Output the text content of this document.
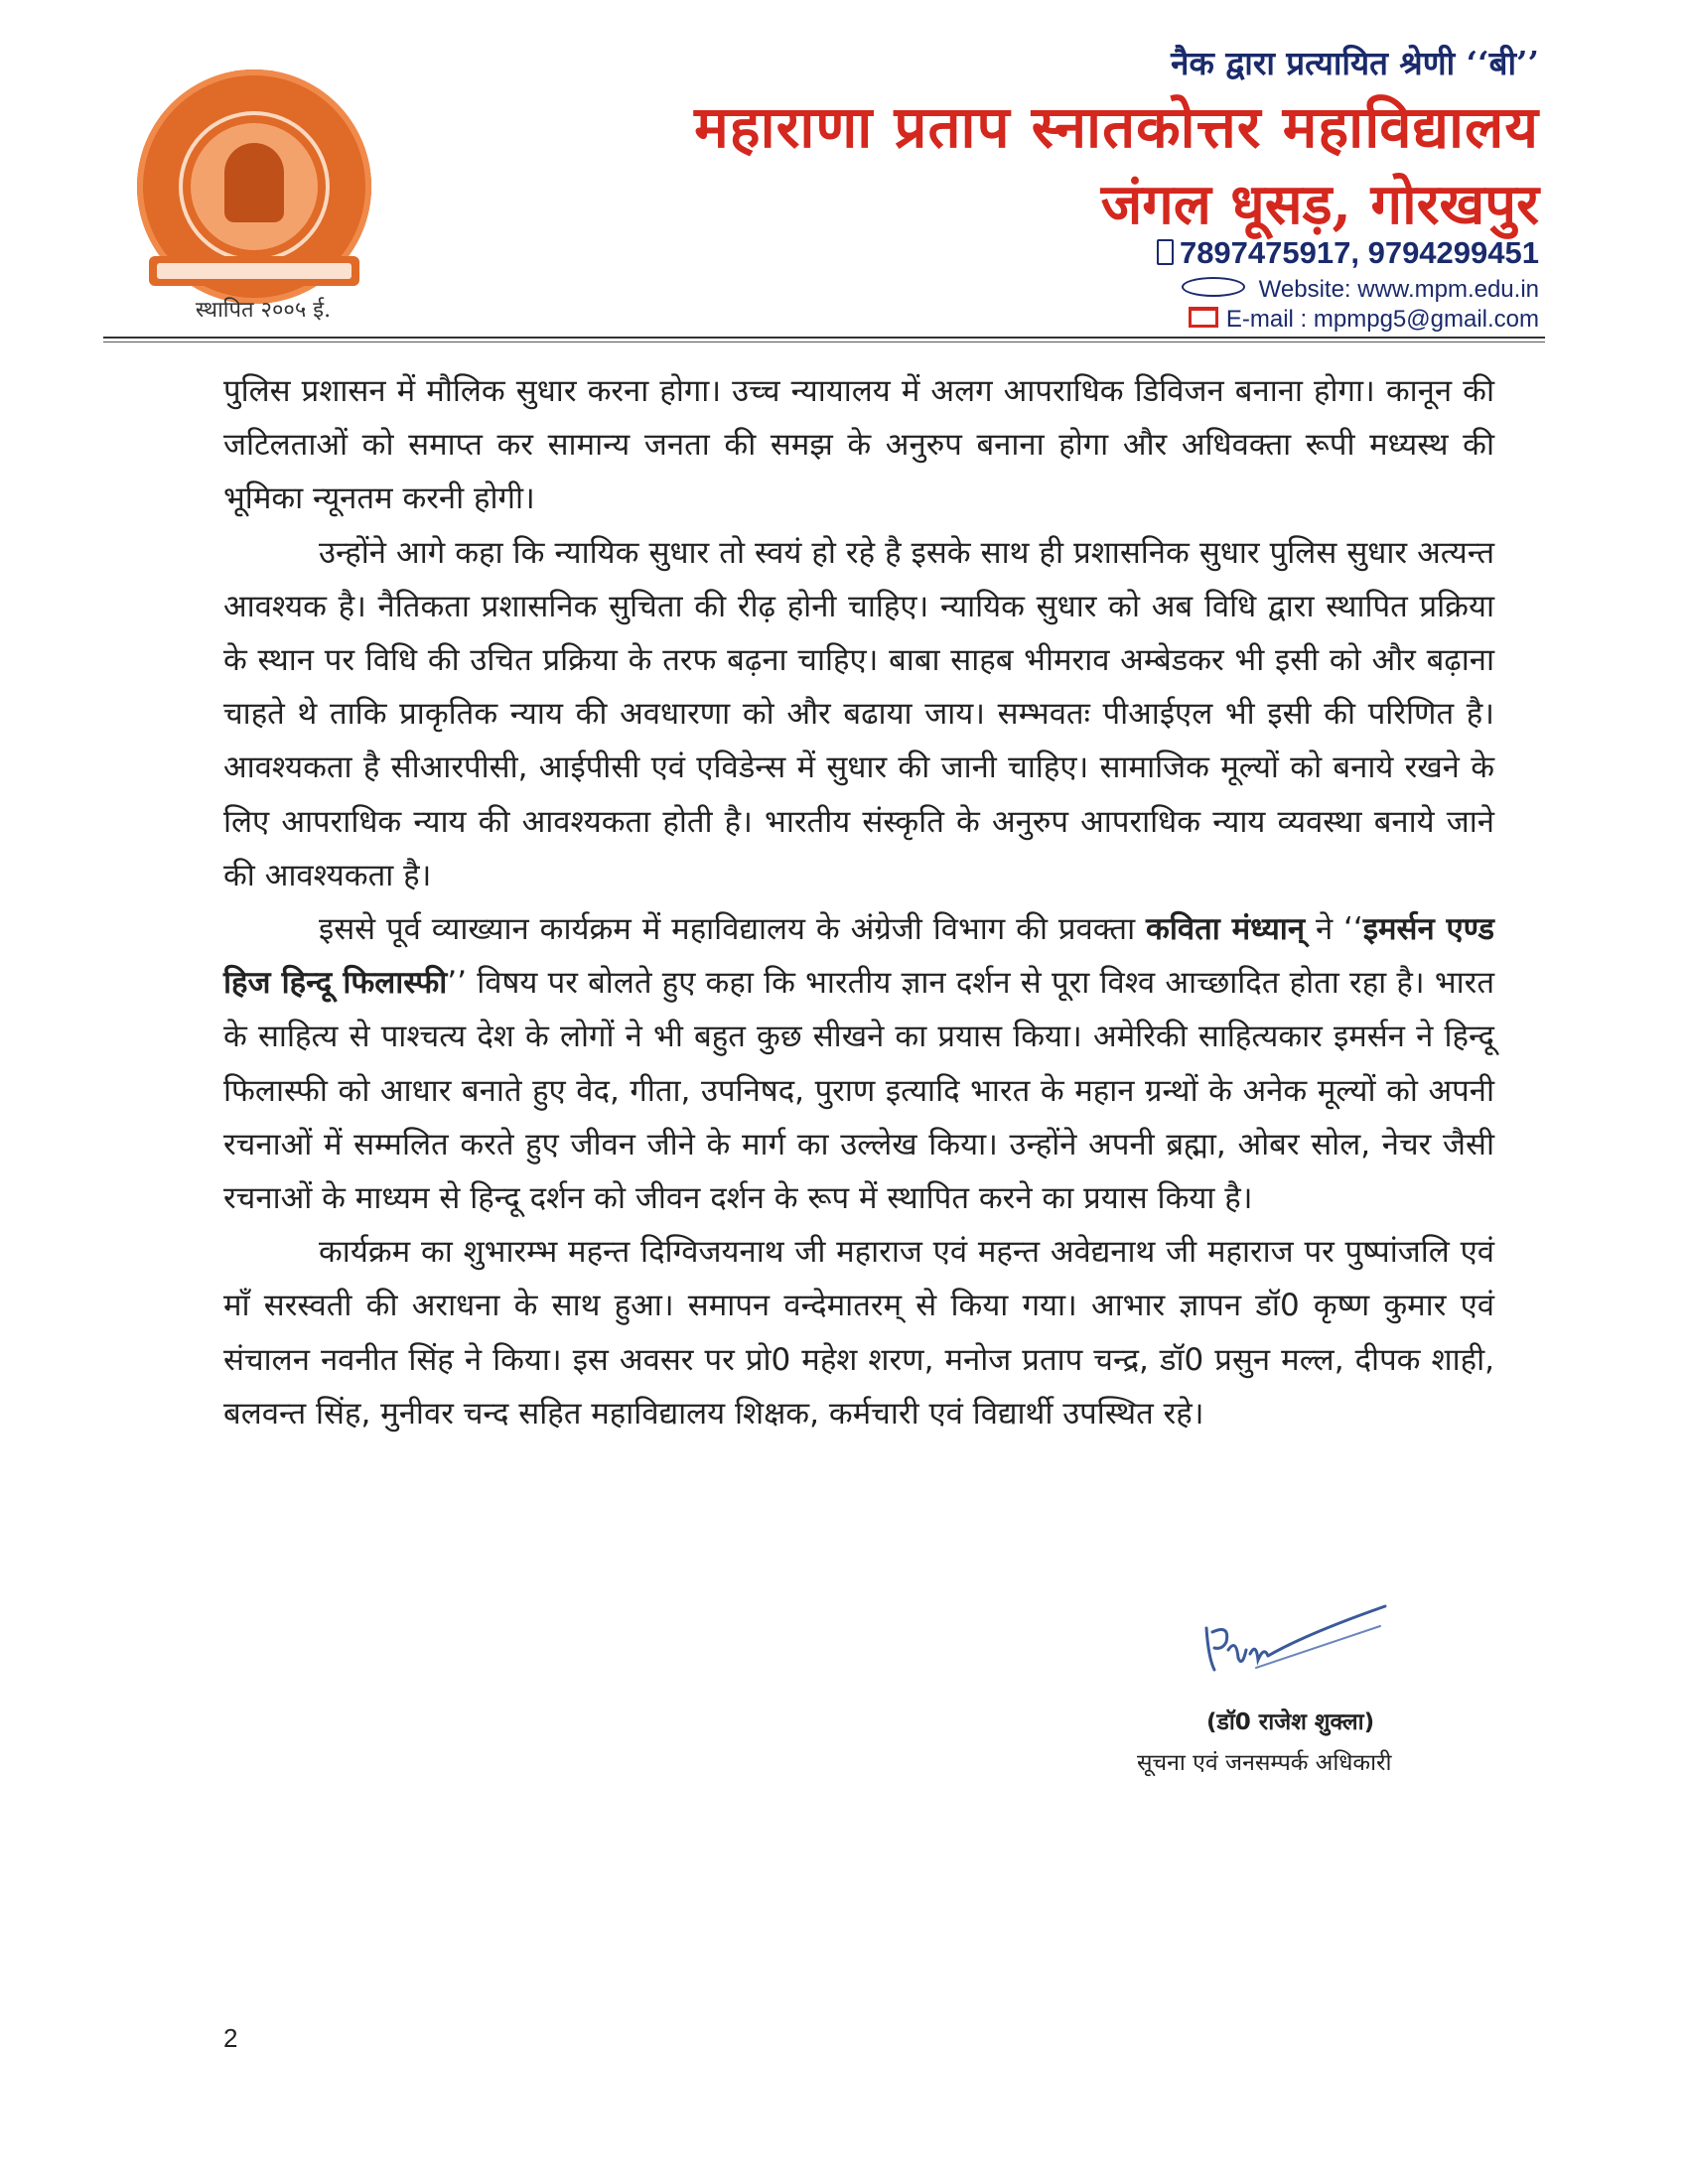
स्थापित २००५ ई.
नैक द्वारा प्रत्यायित श्रेणी ‘‘बी’’
महाराणा प्रताप स्नातकोत्तर महाविद्यालय
जंगल धूसड़, गोरखपुर
7897475917, 9794299451
Website: www.mpm.edu.in
E-mail : mpmpg5@gmail.com

पुलिस प्रशासन में मौलिक सुधार करना होगा। उच्च न्यायालय में अलग आपराधिक डिविजन बनाना होगा। कानून की जटिलताओं को समाप्त कर सामान्य जनता की समझ के अनुरुप बनाना होगा और अधिवक्ता रूपी मध्यस्थ की भूमिका न्यूनतम करनी होगी।

उन्होंने आगे कहा कि न्यायिक सुधार तो स्वयं हो रहे है इसके साथ ही प्रशासनिक सुधार पुलिस सुधार अत्यन्त आवश्यक है। नैतिकता प्रशासनिक सुचिता की रीढ़ होनी चाहिए। न्यायिक सुधार को अब विधि द्वारा स्थापित प्रक्रिया के स्थान पर विधि की उचित प्रक्रिया के तरफ बढ़ना चाहिए। बाबा साहब भीमराव अम्बेडकर भी इसी को और बढ़ाना चाहते थे ताकि प्राकृतिक न्याय की अवधारणा को और बढाया जाय। सम्भवतः पीआईएल भी इसी की परिणित है। आवश्यकता है सीआरपीसी, आईपीसी एवं एविडेन्स में सुधार की जानी चाहिए। सामाजिक मूल्यों को बनाये रखने के लिए आपराधिक न्याय की आवश्यकता होती है। भारतीय संस्कृति के अनुरुप आपराधिक न्याय व्यवस्था बनाये जाने की आवश्यकता है।

इससे पूर्व व्याख्यान कार्यक्रम में महाविद्यालय के अंग्रेजी विभाग की प्रवक्ता कविता मंध्यान् ने ‘‘इमर्सन एण्ड हिज हिन्दू फिलास्फी’’ विषय पर बोलते हुए कहा कि भारतीय ज्ञान दर्शन से पूरा विश्व आच्छादित होता रहा है। भारत के साहित्य से पाश्चत्य देश के लोगों ने भी बहुत कुछ सीखने का प्रयास किया। अमेरिकी साहित्यकार इमर्सन ने हिन्दू फिलास्फी को आधार बनाते हुए वेद, गीता, उपनिषद, पुराण इत्यादि भारत के महान ग्रन्थों के अनेक मूल्यों को अपनी रचनाओं में सम्मलित करते हुए जीवन जीने के मार्ग का उल्लेख किया। उन्होंने अपनी ब्रह्मा, ओबर सोल, नेचर जैसी रचनाओं के माध्यम से हिन्दू दर्शन को जीवन दर्शन के रूप में स्थापित करने का प्रयास किया है।

कार्यक्रम का शुभारम्भ महन्त दिग्विजयनाथ जी महाराज एवं महन्त अवेद्यनाथ जी महाराज पर पुष्पांजलि एवं माँ सरस्वती की अराधना के साथ हुआ। समापन वन्देमातरम् से किया गया। आभार ज्ञापन डॉ0 कृष्ण कुमार एवं संचालन नवनीत सिंह ने किया। इस अवसर पर प्रो0 महेश शरण, मनोज प्रताप चन्द्र, डॉ0 प्रसुन मल्ल, दीपक शाही, बलवन्त सिंह, मुनीवर चन्द सहित महाविद्यालय शिक्षक, कर्मचारी एवं विद्यार्थी उपस्थित रहे।

(डॉ0 राजेश शुक्ला)
सूचना एवं जनसम्पर्क अधिकारी
2
